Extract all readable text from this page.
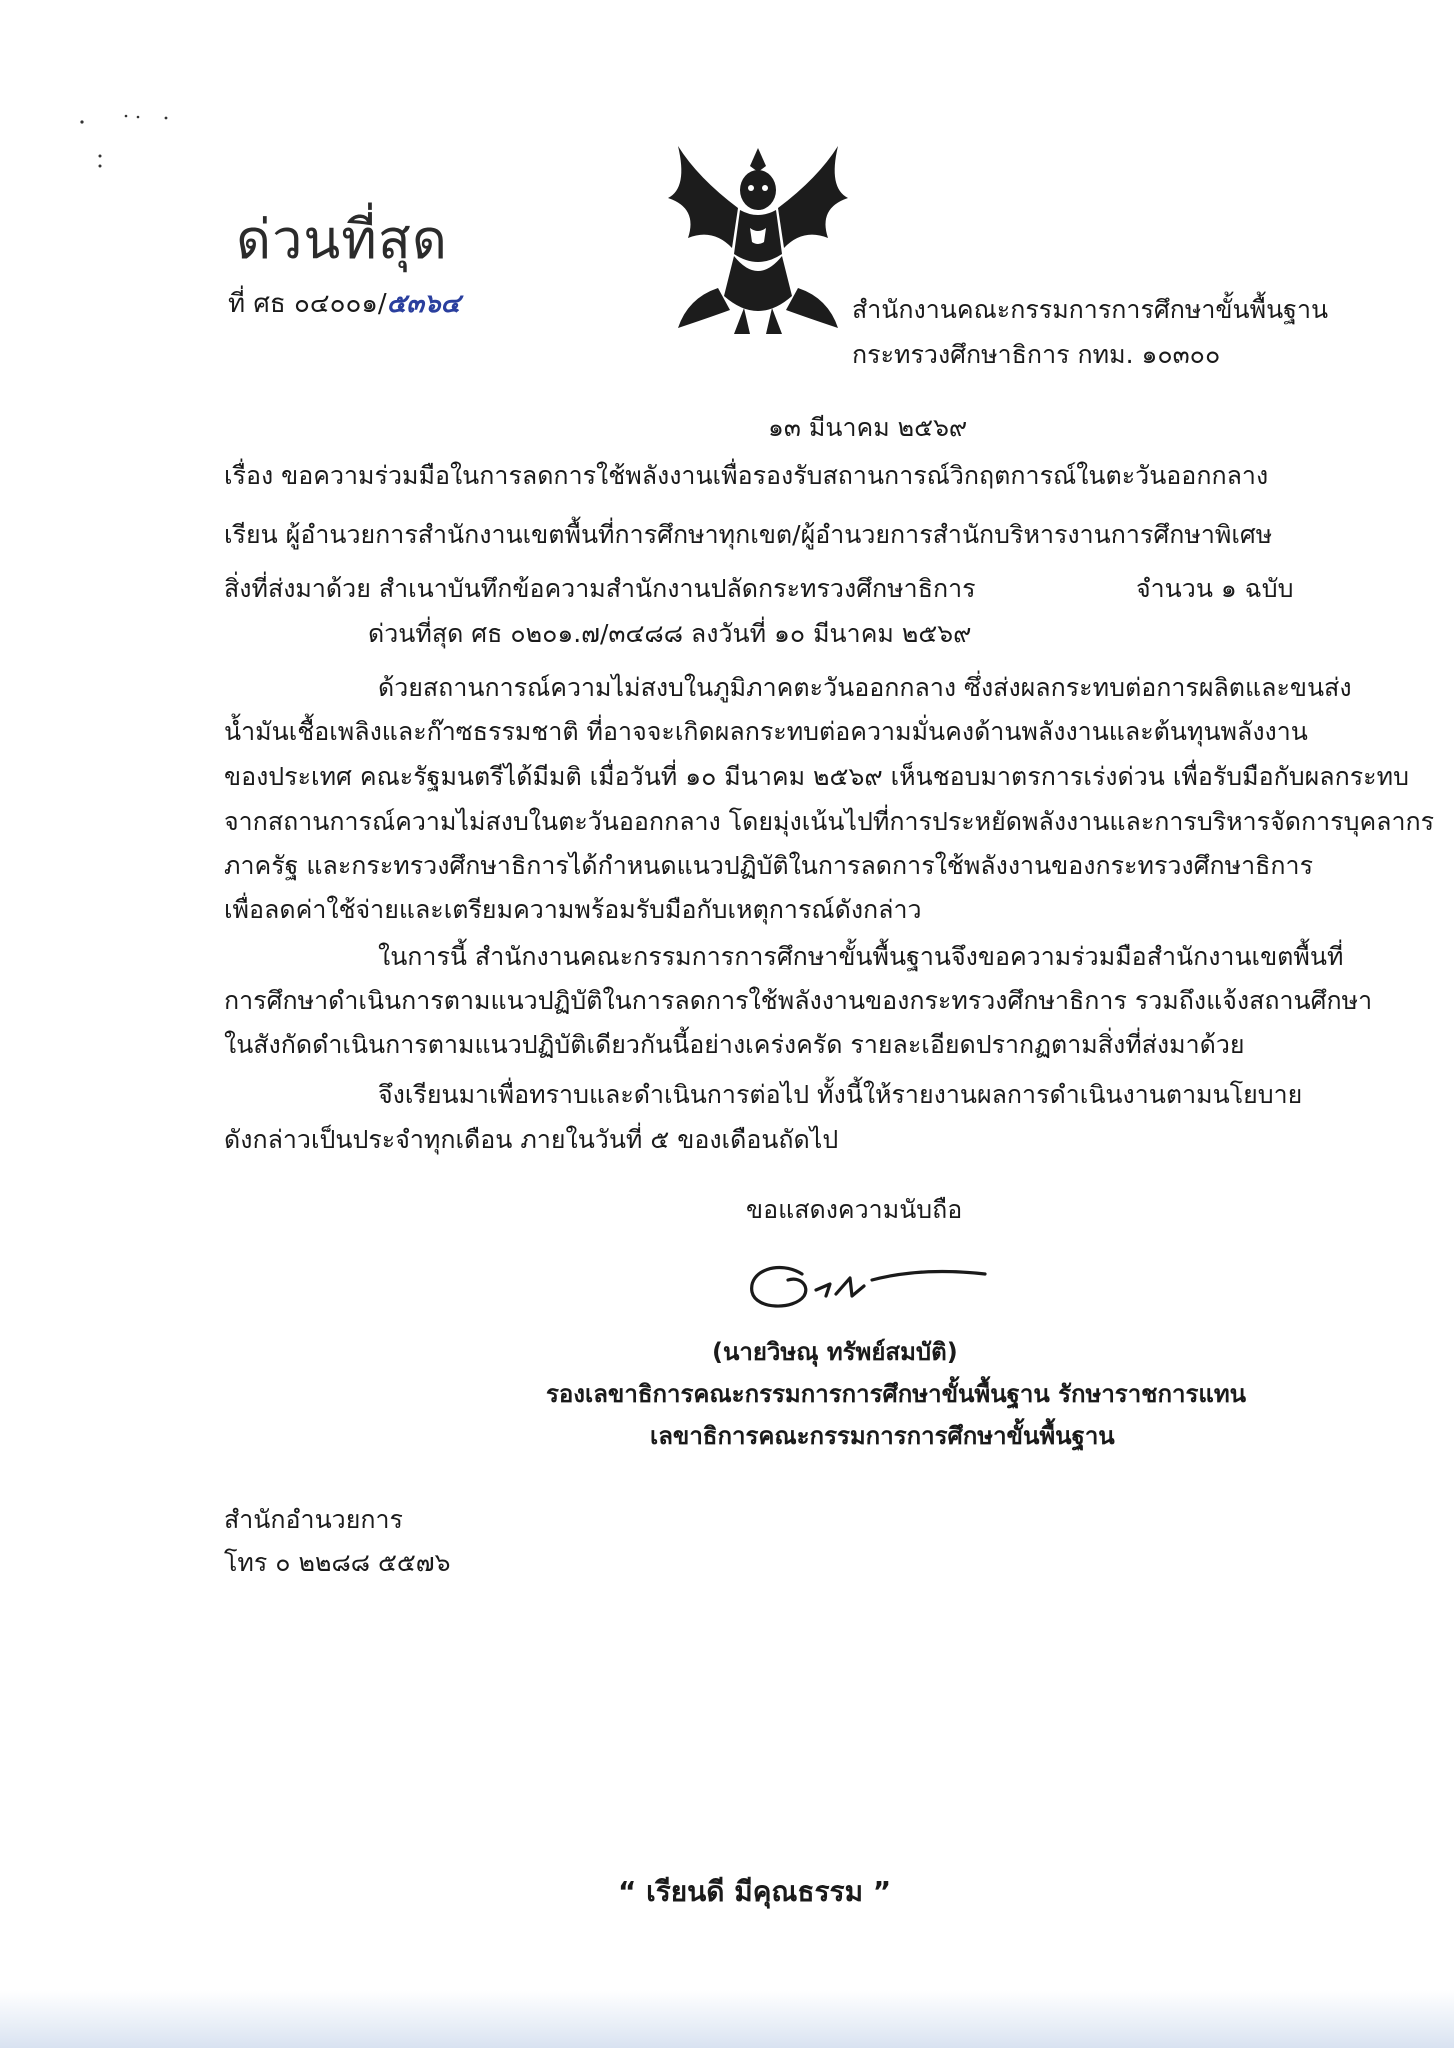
ด่วนที่สุด
ที่ ศธ ๐๔๐๐๑/๕๓๖๔	สำนักงานคณะกรรมการการศึกษาขั้นพื้นฐาน
กระทรวงศึกษาธิการ กทม. ๑๐๓๐๐
๑๓ มีนาคม ๒๕๖๙
เรื่อง ขอความร่วมมือในการลดการใช้พลังงานเพื่อรองรับสถานการณ์วิกฤตการณ์ในตะวันออกกลาง
เรียน ผู้อำนวยการสำนักงานเขตพื้นที่การศึกษาทุกเขต/ผู้อำนวยการสำนักบริหารงานการศึกษาพิเศษ
สิ่งที่ส่งมาด้วย สำเนาบันทึกข้อความสำนักงานปลัดกระทรวงศึกษาธิการ	จำนวน ๑ ฉบับ
ด่วนที่สุด ศธ ๐๒๐๑.๗/๓๔๘๘ ลงวันที่ ๑๐ มีนาคม ๒๕๖๙
ด้วยสถานการณ์ความไม่สงบในภูมิภาคตะวันออกกลาง ซึ่งส่งผลกระทบต่อการผลิตและขนส่ง
น้ำมันเชื้อเพลิงและก๊าซธรรมชาติ ที่อาจจะเกิดผลกระทบต่อความมั่นคงด้านพลังงานและต้นทุนพลังงาน
ของประเทศ คณะรัฐมนตรีได้มีมติ เมื่อวันที่ ๑๐ มีนาคม ๒๕๖๙ เห็นชอบมาตรการเร่งด่วน เพื่อรับมือกับผลกระทบ
จากสถานการณ์ความไม่สงบในตะวันออกกลาง โดยมุ่งเน้นไปที่การประหยัดพลังงานและการบริหารจัดการบุคลากร
ภาครัฐ และกระทรวงศึกษาธิการได้กำหนดแนวปฏิบัติในการลดการใช้พลังงานของกระทรวงศึกษาธิการ
เพื่อลดค่าใช้จ่ายและเตรียมความพร้อมรับมือกับเหตุการณ์ดังกล่าว
ในการนี้ สำนักงานคณะกรรมการการศึกษาขั้นพื้นฐานจึงขอความร่วมมือสำนักงานเขตพื้นที่
การศึกษาดำเนินการตามแนวปฏิบัติในการลดการใช้พลังงานของกระทรวงศึกษาธิการ รวมถึงแจ้งสถานศึกษา
ในสังกัดดำเนินการตามแนวปฏิบัติเดียวกันนี้อย่างเคร่งครัด รายละเอียดปรากฏตามสิ่งที่ส่งมาด้วย
จึงเรียนมาเพื่อทราบและดำเนินการต่อไป ทั้งนี้ให้รายงานผลการดำเนินงานตามนโยบาย
ดังกล่าวเป็นประจำทุกเดือน ภายในวันที่ ๕ ของเดือนถัดไป
ขอแสดงความนับถือ
(นายวิษณุ ทรัพย์สมบัติ)
รองเลขาธิการคณะกรรมการการศึกษาขั้นพื้นฐาน รักษาราชการแทน
เลขาธิการคณะกรรมการการศึกษาขั้นพื้นฐาน
สำนักอำนวยการ
โทร ๐ ๒๒๘๘ ๕๕๗๖
“ เรียนดี มีคุณธรรม ”
